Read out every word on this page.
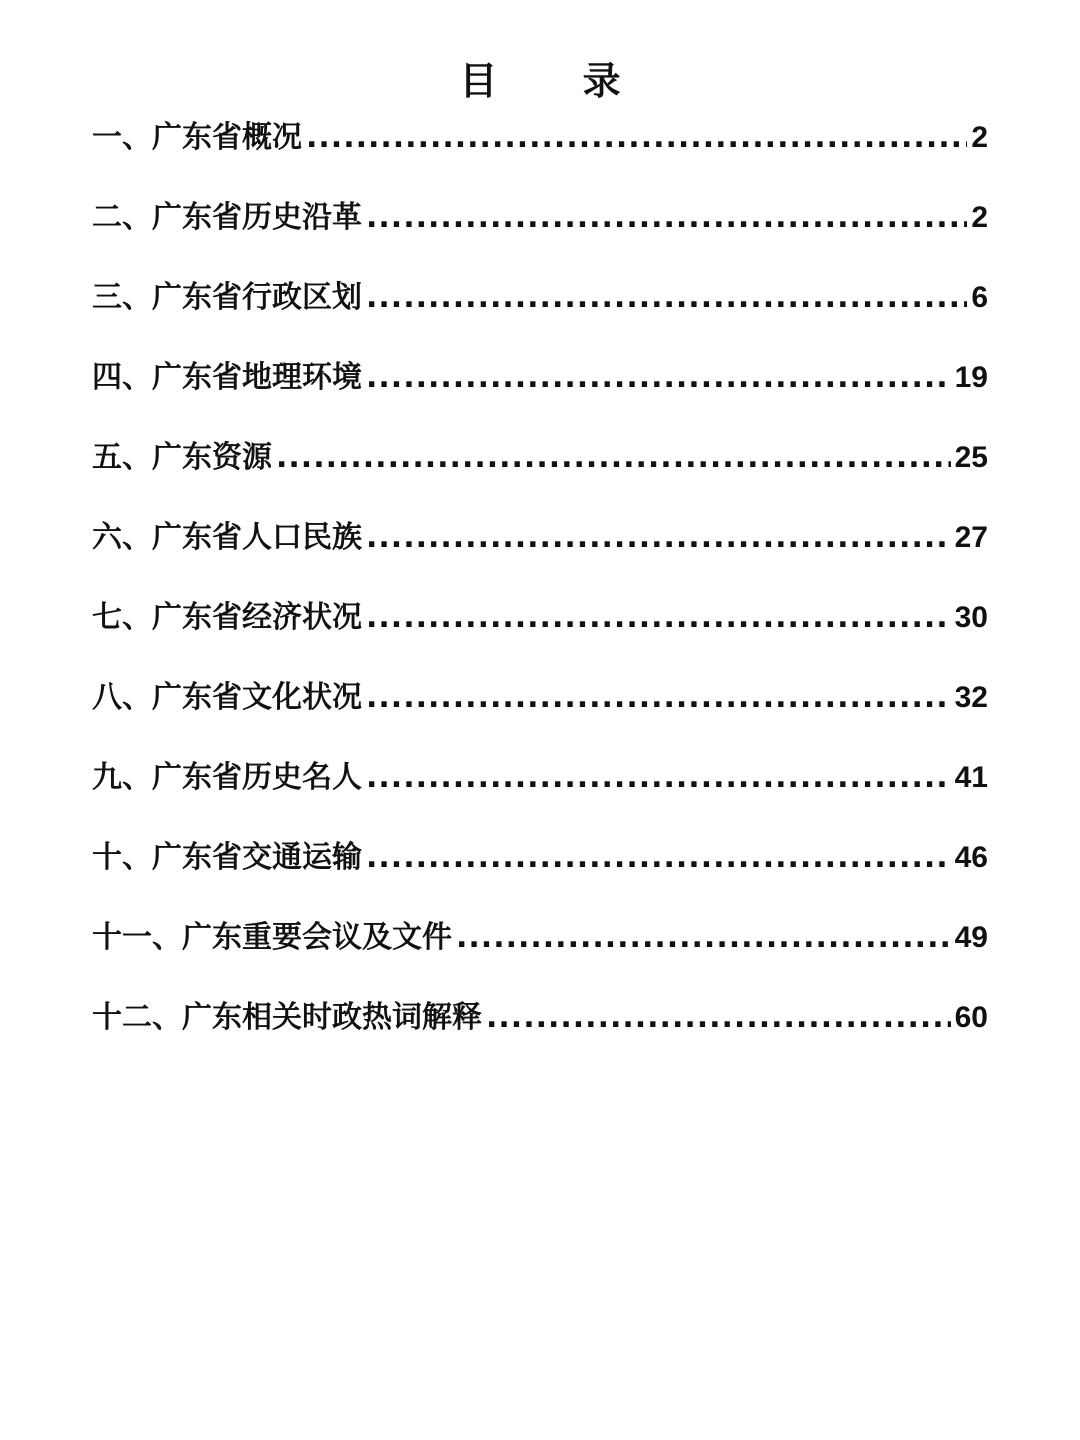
目 录
一、广东省概况 .....	2
二、广东省历史沿革 .....	2
三、广东省行政区划 .....	6
四、广东省地理环境 .....	19
五、广东资源 .....	25
六、广东省人口民族 .....	27
七、广东省经济状况 .....	30
八、广东省文化状况 .....	32
九、广东省历史名人 .....	41
十、广东省交通运输 .....	46
十一、广东重要会议及文件 .....	49
十二、广东相关时政热词解释 .....	60
